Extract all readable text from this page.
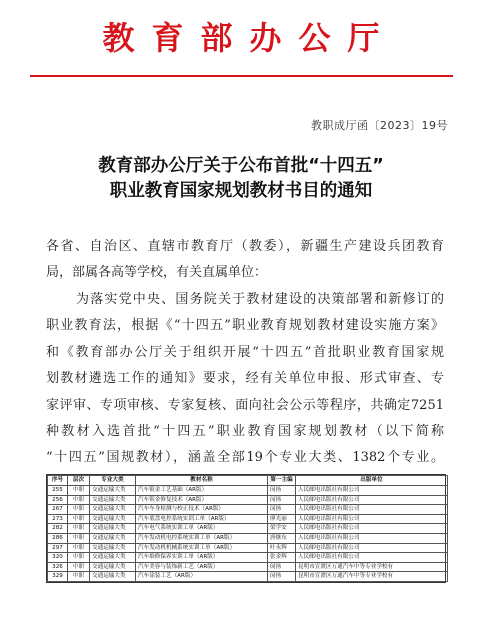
教育部办公厅
教职成厅函〔2023〕19号
教育部办公厅关于公布首批“十四五”
职业教育国家规划教材书目的通知
各省、自治区、直辖市教育厅（教委），新疆生产建设兵团教育
局，部属各高等学校，有关直属单位：
为落实党中央、国务院关于教材建设的决策部署和新修订的
职业教育法，根据《“十四五”职业教育规划教材建设实施方案》
和《教育部办公厅关于组织开展“十四五”首批职业教育国家规
划教材遴选工作的通知》要求，经有关单位申报、形式审查、专
家评审、专项审核、专家复核、面向社会公示等程序，共确定7251
种教材入选首批“十四五”职业教育国家规划教材（以下简称
“十四五”国规教材），涵盖全部19个专业大类、1382个专业。
序号	层次	专业大类	教材名称	第一主编	出版单位
255	中职	交通运输大类	汽车钣金工艺基础（AR版）	闵扬	人民邮电出版社有限公司
256	中职	交通运输大类	汽车钣金修复技术（AR版）	闵扬	人民邮电出版社有限公司
267	中职	交通运输大类	汽车车身检测与校正技术（AR版）	闵扬	人民邮电出版社有限公司
273	中职	交通运输大类	汽车底盘电控系统实训工单（AR版）	廖光丽	人民邮电出版社有限公司
282	中职	交通运输大类	汽车电气系统实训工单（AR版）	梁学安	人民邮电出版社有限公司
286	中职	交通运输大类	汽车发动机电控系统实训工单（AR版）	唐继东	人民邮电出版社有限公司
297	中职	交通运输大类	汽车发动机机械系统实训工单（AR版）	叶永辉	人民邮电出版社有限公司
320	中职	交通运输大类	汽车维修保养实训工单（AR版）	张金辉	人民邮电出版社有限公司
326	中职	交通运输大类	汽车美容与装饰新工艺（AR版）	闵扬	昆明市宣渡区万通汽车中等专业学校有
329	中职	交通运输大类	汽车涂装工艺（AR版）	闵扬	昆明市宣渡区万通汽车中等专业学校有
